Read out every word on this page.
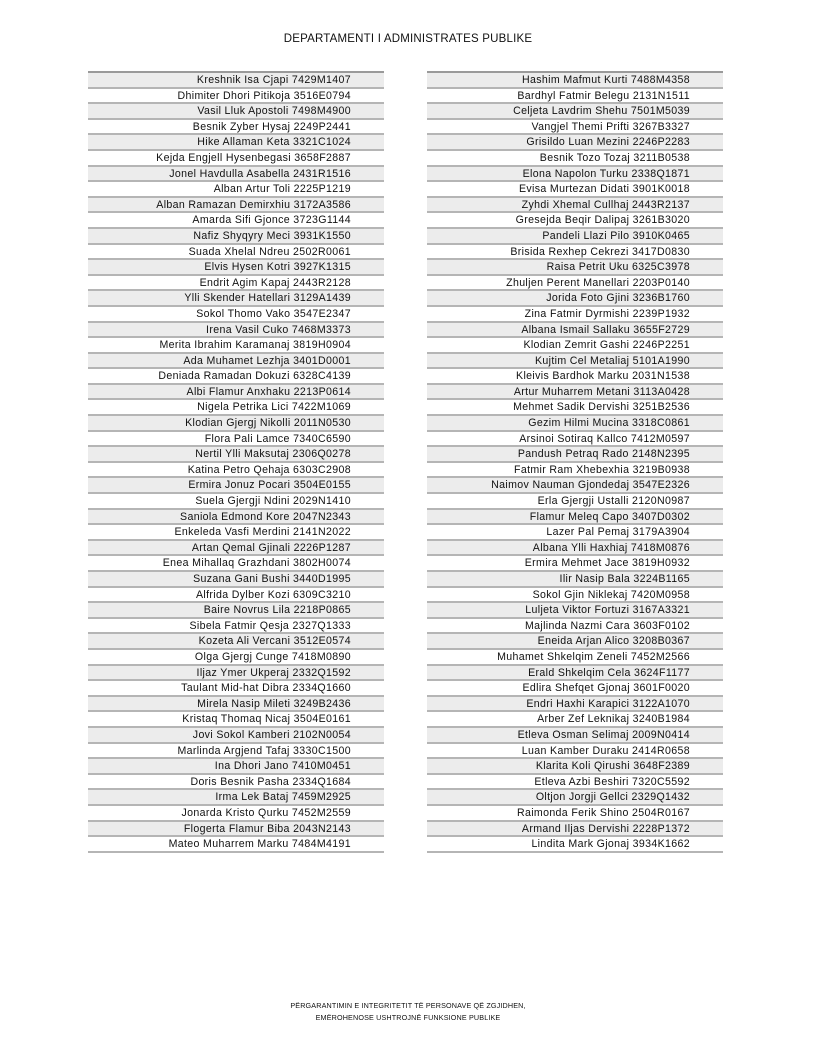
DEPARTAMENTI I ADMINISTRATES PUBLIKE
Kreshnik Isa Cjapi 7429M1407
Dhimiter Dhori Pitikoja 3516E0794
Vasil Lluk Apostoli 7498M4900
Besnik Zyber Hysaj 2249P2441
Hike Allaman Keta 3321C1024
Kejda Engjell Hysenbegasi 3658F2887
Jonel Havdulla Asabella 2431R1516
Alban Artur Toli 2225P1219
Alban Ramazan Demirxhiu 3172A3586
Amarda Sifi Gjonce 3723G1144
Nafiz Shyqyry Meci 3931K1550
Suada Xhelal Ndreu 2502R0061
Elvis Hysen Kotri 3927K1315
Endrit Agim Kapaj 2443R2128
Ylli Skender Hatellari 3129A1439
Sokol Thomo Vako 3547E2347
Irena Vasil Cuko 7468M3373
Merita Ibrahim Karamanaj 3819H0904
Ada Muhamet Lezhja 3401D0001
Deniada Ramadan Dokuzi 6328C4139
Albi Flamur Anxhaku 2213P0614
Nigela Petrika Lici 7422M1069
Klodian Gjergj Nikolli 2011N0530
Flora Pali Lamce 7340C6590
Nertil Ylli Maksutaj 2306Q0278
Katina Petro Qehaja 6303C2908
Ermira Jonuz Pocari 3504E0155
Suela Gjergji Ndini 2029N1410
Saniola Edmond Kore 2047N2343
Enkeleda Vasfi Merdini 2141N2022
Artan Qemal Gjinali 2226P1287
Enea Mihallaq Grazhdani 3802H0074
Suzana Gani Bushi 3440D1995
Alfrida Dylber Kozi 6309C3210
Baire Novrus Lila 2218P0865
Sibela Fatmir Qesja 2327Q1333
Kozeta Ali Vercani 3512E0574
Olga Gjergj Cunge 7418M0890
Iljaz Ymer Ukperaj 2332Q1592
Taulant Mid-hat Dibra 2334Q1660
Mirela Nasip Mileti 3249B2436
Kristaq Thomaq Nicaj 3504E0161
Jovi Sokol Kamberi 2102N0054
Marlinda Argjend Tafaj 3330C1500
Ina Dhori Jano 7410M0451
Doris Besnik Pasha 2334Q1684
Irma Lek Bataj 7459M2925
Jonarda Kristo Qurku 7452M2559
Flogerta Flamur Biba 2043N2143
Mateo Muharrem Marku 7484M4191
Hashim Mafmut Kurti 7488M4358
Bardhyl Fatmir Belegu 2131N1511
Celjeta Lavdrim Shehu 7501M5039
Vangjel Themi Prifti 3267B3327
Grisildo Luan Mezini 2246P2283
Besnik Tozo Tozaj 3211B0538
Elona Napolon Turku 2338Q1871
Evisa Murtezan Didati 3901K0018
Zyhdi Xhemal Cullhaj 2443R2137
Gresejda Beqir Dalipaj 3261B3020
Pandeli Llazi Pilo 3910K0465
Brisida Rexhep Cekrezi 3417D0830
Raisa Petrit Uku 6325C3978
Zhuljen Perent Manellari 2203P0140
Jorida Foto Gjini 3236B1760
Zina Fatmir Dyrmishi 2239P1932
Albana Ismail Sallaku 3655F2729
Klodian Zemrit Gashi 2246P2251
Kujtim Cel Metaliaj 5101A1990
Kleivis Bardhok Marku 2031N1538
Artur Muharrem Metani 3113A0428
Mehmet Sadik Dervishi 3251B2536
Gezim Hilmi Mucina 3318C0861
Arsinoi Sotiraq Kallco 7412M0597
Pandush Petraq Rado 2148N2395
Fatmir Ram Xhebexhia 3219B0938
Naimov Nauman Gjondedaj 3547E2326
Erla Gjergji Ustalli 2120N0987
Flamur Meleq Capo 3407D0302
Lazer Pal Pemaj 3179A3904
Albana Ylli Haxhiaj 7418M0876
Ermira Mehmet Jace 3819H0932
Ilir Nasip Bala 3224B1165
Sokol Gjin Niklekaj 7420M0958
Luljeta Viktor Fortuzi 3167A3321
Majlinda Nazmi Cara 3603F0102
Eneida Arjan Alico 3208B0367
Muhamet Shkelqim Zeneli 7452M2566
Erald Shkelqim Cela 3624F1177
Edlira Shefqet Gjonaj 3601F0020
Endri Haxhi Karapici 3122A1070
Arber Zef Leknikaj 3240B1984
Etleva Osman Selimaj 2009N0414
Luan Kamber Duraku 2414R0658
Klarita Koli Qirushi 3648F2389
Etleva Azbi Beshiri 7320C5592
Oltjon Jorgji Gellci 2329Q1432
Raimonda Ferik Shino 2504R0167
Armand Iljas Dervishi 2228P1372
Lindita Mark Gjonaj 3934K1662
PËRGARANTIMIN E INTEGRITETIT TË PERSONAVE QË ZGJIDHEN,
EMËROHENOSE USHTROJNË FUNKSIONE PUBLIKE
